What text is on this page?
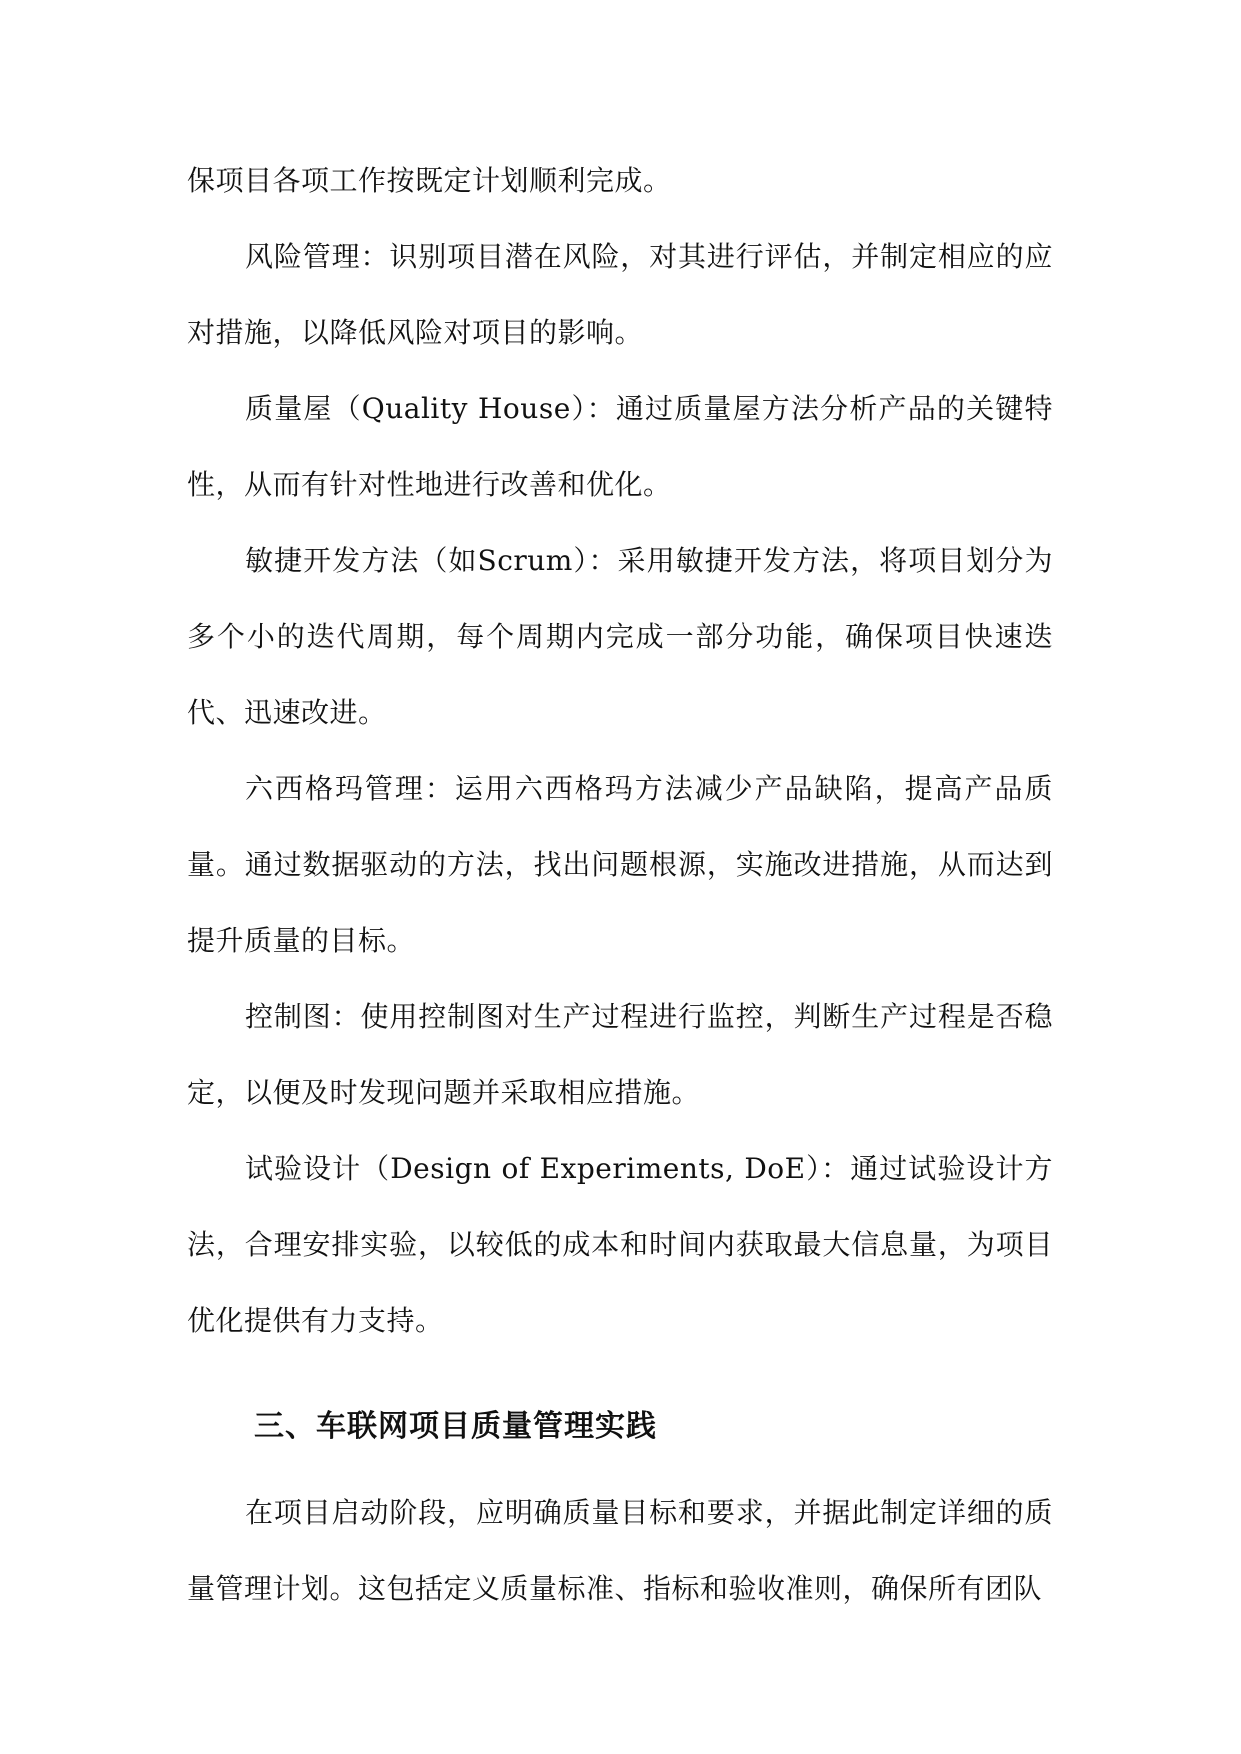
保项目各项工作按既定计划顺利完成。

风险管理：识别项目潜在风险，对其进行评估，并制定相应的应对措施，以降低风险对项目的影响。

质量屋（Quality House）：通过质量屋方法分析产品的关键特性，从而有针对性地进行改善和优化。

敏捷开发方法（如Scrum）：采用敏捷开发方法，将项目划分为多个小的迭代周期，每个周期内完成一部分功能，确保项目快速迭代、迅速改进。

六西格玛管理：运用六西格玛方法减少产品缺陷，提高产品质量。通过数据驱动的方法，找出问题根源，实施改进措施，从而达到提升质量的目标。

控制图：使用控制图对生产过程进行监控，判断生产过程是否稳定，以便及时发现问题并采取相应措施。

试验设计（Design of Experiments, DoE）：通过试验设计方法，合理安排实验，以较低的成本和时间内获取最大信息量，为项目优化提供有力支持。

三、车联网项目质量管理实践

在项目启动阶段，应明确质量目标和要求，并据此制定详细的质量管理计划。这包括定义质量标准、指标和验收准则，确保所有团队
